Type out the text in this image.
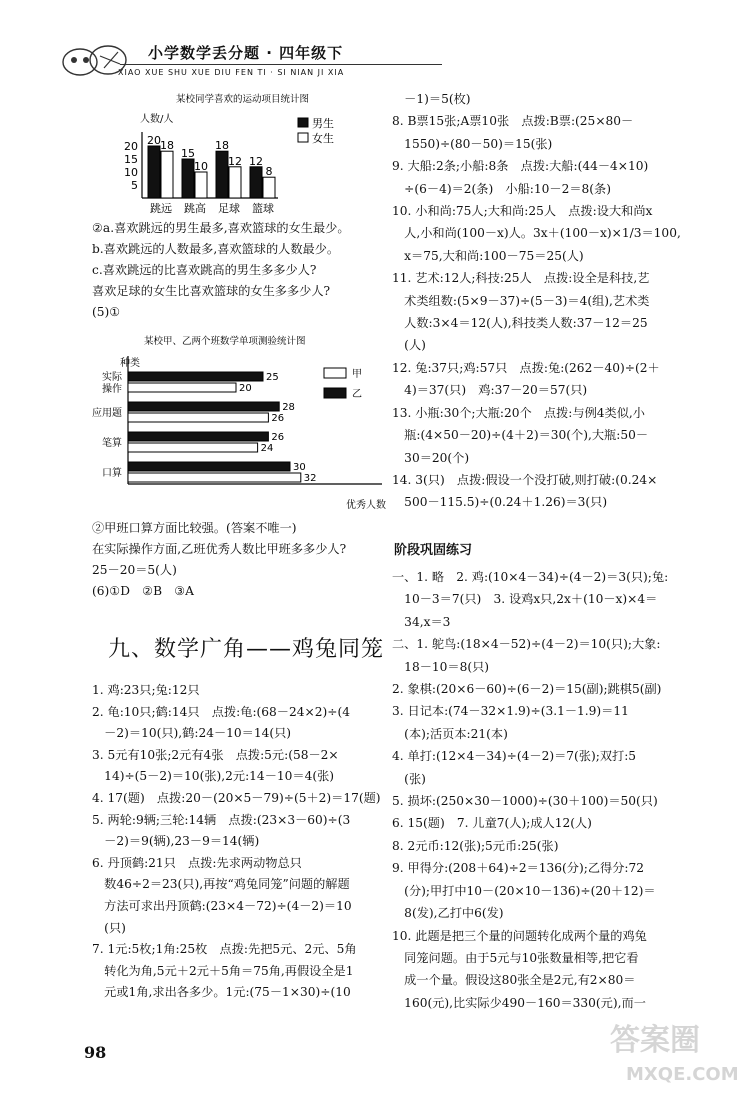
小学数学丢分题 · 四年级下
XIAO XUE SHU XUE DIU FEN TI · SI NIAN JI XIA
某校同学喜欢的运动项目统计图
人数/人
20
15
10
5
20 18
跳远
15
10
跳高
18
12
足球
12
8
篮球
男生
女生

②a.喜欢跳远的男生最多,喜欢篮球的女生最少。

b.喜欢跳远的人数最多,喜欢篮球的人数最少。

c.喜欢跳远的比喜欢跳高的男生多多少人?

喜欢足球的女生比喜欢篮球的女生多多少人?

(5)①

某校甲、乙两个班数学单项测验统计图
种类
优秀人数
实际
操作
25
20
应用题
28
26
笔算
26
24
口算
30
32
甲
乙

②甲班口算方面比较强。(答案不唯一)

在实际操作方面,乙班优秀人数比甲班多多少人?

25－20＝5(人)

(6)①D　②B　③A

九、数学广角——鸡兔同笼

1. 鸡:23只;兔:12只

2. 龟:10只;鹤:14只　点拨:龟:(68－24×2)÷(4

　－2)＝10(只),鹤:24－10＝14(只)

3. 5元有10张;2元有4张　点拨:5元:(58－2×

　14)÷(5－2)＝10(张),2元:14－10＝4(张)

4. 17(题)　点拨:20－(20×5－79)÷(5＋2)＝17(题)

5. 两轮:9辆;三轮:14辆　点拨:(23×3－60)÷(3

　－2)＝9(辆),23－9＝14(辆)

6. 丹顶鹤:21只　点拨:先求两动物总只

　数46÷2＝23(只),再按“鸡兔同笼”问题的解题

　方法可求出丹顶鹤:(23×4－72)÷(4－2)＝10

　(只)

7. 1元:5枚;1角:25枚　点拨:先把5元、2元、5角

　转化为角,5元＋2元＋5角＝75角,再假设全是1

　元或1角,求出各多少。1元:(75－1×30)÷(10

　－1)＝5(枚)

8. B票15张;A票10张　点拨:B票:(25×80－

　1550)÷(80－50)＝15(张)

9. 大船:2条;小船:8条　点拨:大船:(44－4×10)

　÷(6－4)＝2(条)　小船:10－2＝8(条)

10. 小和尚:75人;大和尚:25人　点拨:设大和尚x

　人,小和尚(100－x)人。3x＋(100－x)×1/3＝100,

　x＝75,大和尚:100－75＝25(人)

11. 艺术:12人;科技:25人　点拨:设全是科技,艺

　术类组数:(5×9－37)÷(5－3)＝4(组),艺术类

　人数:3×4＝12(人),科技类人数:37－12＝25

　(人)

12. 兔:37只;鸡:57只　点拨:兔:(262－40)÷(2＋

　4)＝37(只)　鸡:37－20＝57(只)

13. 小瓶:30个;大瓶:20个　点拨:与例4类似,小

　瓶:(4×50－20)÷(4＋2)＝30(个),大瓶:50－

　30＝20(个)

14. 3(只)　点拨:假设一个没打破,则打破:(0.24×

　500－115.5)÷(0.24＋1.26)＝3(只)

阶段巩固练习

一、1. 略　2. 鸡:(10×4－34)÷(4－2)＝3(只);兔:

　10－3＝7(只)　3. 设鸡x只,2x＋(10－x)×4＝

　34,x＝3

二、1. 鸵鸟:(18×4－52)÷(4－2)＝10(只);大象:

　18－10＝8(只)

2. 象棋:(20×6－60)÷(6－2)＝15(副);跳棋5(副)

3. 日记本:(74－32×1.9)÷(3.1－1.9)＝11

　(本);活页本:21(本)

4. 单打:(12×4－34)÷(4－2)＝7(张);双打:5

　(张)

5. 损坏:(250×30－1000)÷(30＋100)＝50(只)

6. 15(题)　7. 儿童7(人);成人12(人)

8. 2元币:12(张);5元币:25(张)

9. 甲得分:(208＋64)÷2＝136(分);乙得分:72

　(分);甲打中10－(20×10－136)÷(20＋12)＝

　8(发),乙打中6(发)

10. 此题是把三个量的问题转化成两个量的鸡兔

　同笼问题。由于5元与10张数量相等,把它看

　成一个量。假设这80张全是2元,有2×80＝

　160(元),比实际少490－160＝330(元),而一

98	答案圈
MXQE.COM
